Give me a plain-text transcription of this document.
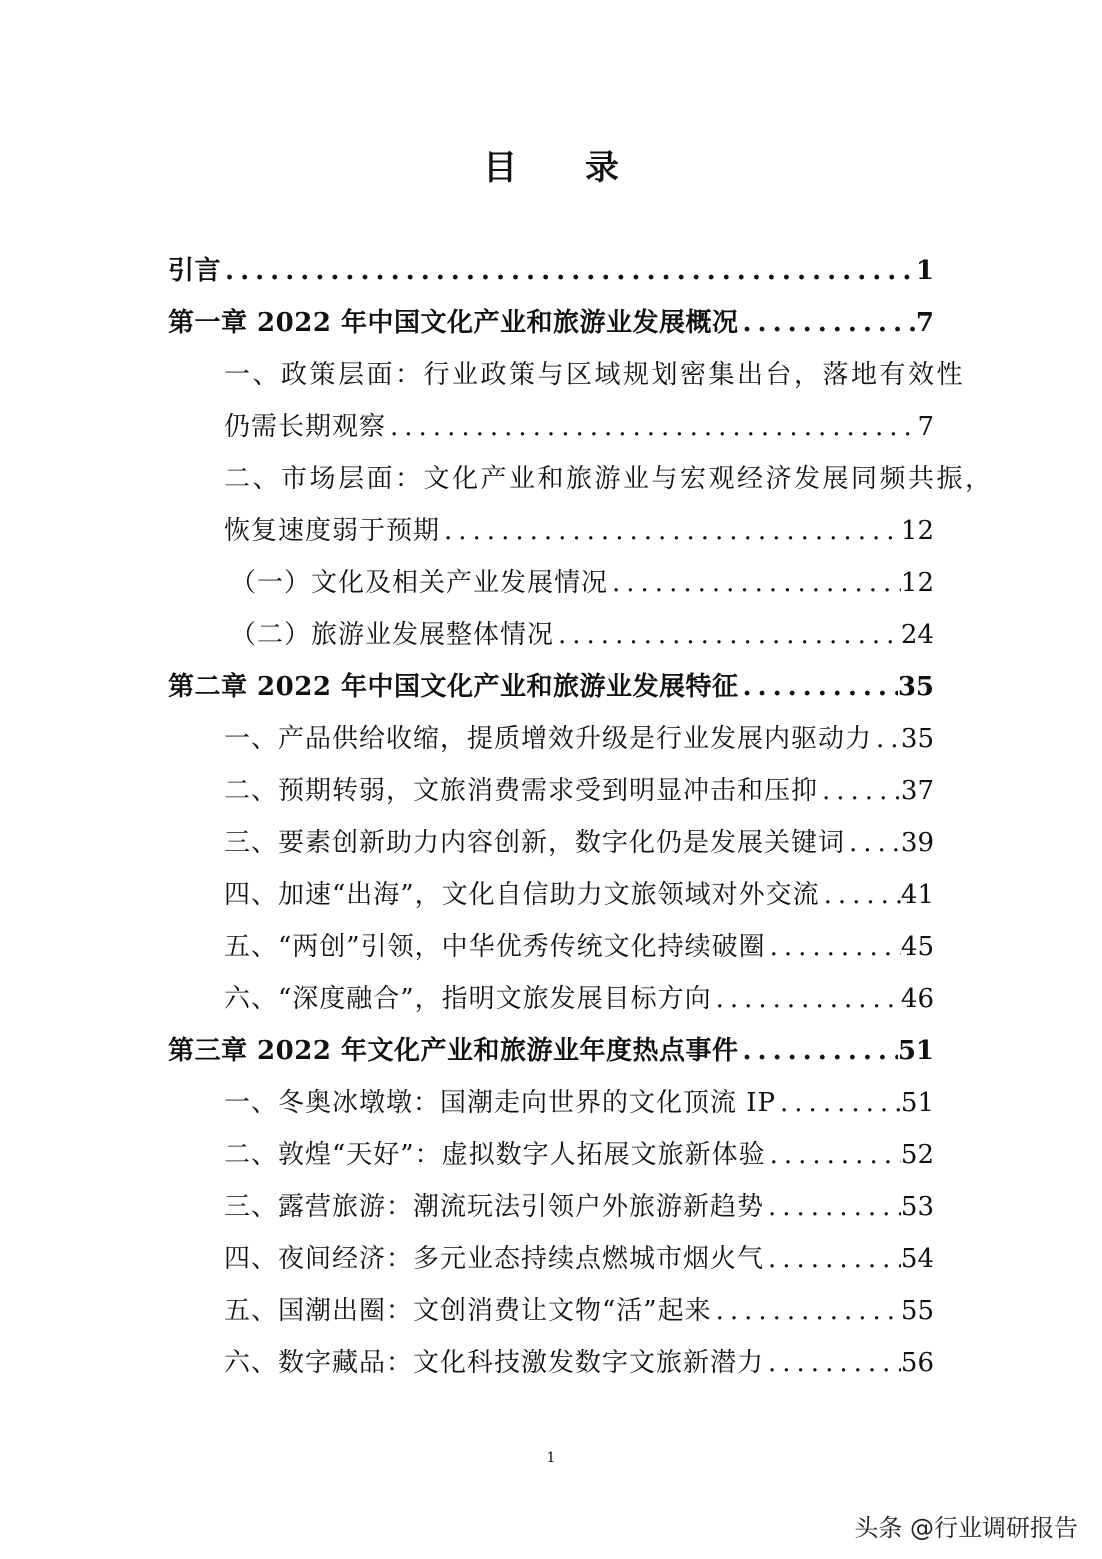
目 录
引言 .....	1
第一章 2022 年中国文化产业和旅游业发展概况 .....	7
一、政策层面：行业政策与区域规划密集出台，落地有效性
仍需长期观察 .....	7
二、市场层面：文化产业和旅游业与宏观经济发展同频共振，
恢复速度弱于预期 .....	12
（一）文化及相关产业发展情况 .....	12
（二）旅游业发展整体情况 .....	24
第二章 2022 年中国文化产业和旅游业发展特征 .....	35
一、产品供给收缩，提质增效升级是行业发展内驱动力 ..... 35
二、预期转弱，文旅消费需求受到明显冲击和压抑 .....	37
三、要素创新助力内容创新，数字化仍是发展关键词 ..... 39
四、加速“出海”，文化自信助力文旅领域对外交流 .....	41
五、“两创”引领，中华优秀传统文化持续破圈 .....	45
六、“深度融合”，指明文旅发展目标方向 .....	46
第三章 2022 年文化产业和旅游业年度热点事件 .....	51
一、冬奥冰墩墩：国潮走向世界的文化顶流 IP .....	51
二、敦煌“天好”：虚拟数字人拓展文旅新体验 .....	52
三、露营旅游：潮流玩法引领户外旅游新趋势 .....	53
四、夜间经济：多元业态持续点燃城市烟火气 .....	54
五、国潮出圈：文创消费让文物“活”起来 .....	55
六、数字藏品：文化科技激发数字文旅新潜力 .....	56
1
头条 @行业调研报告
